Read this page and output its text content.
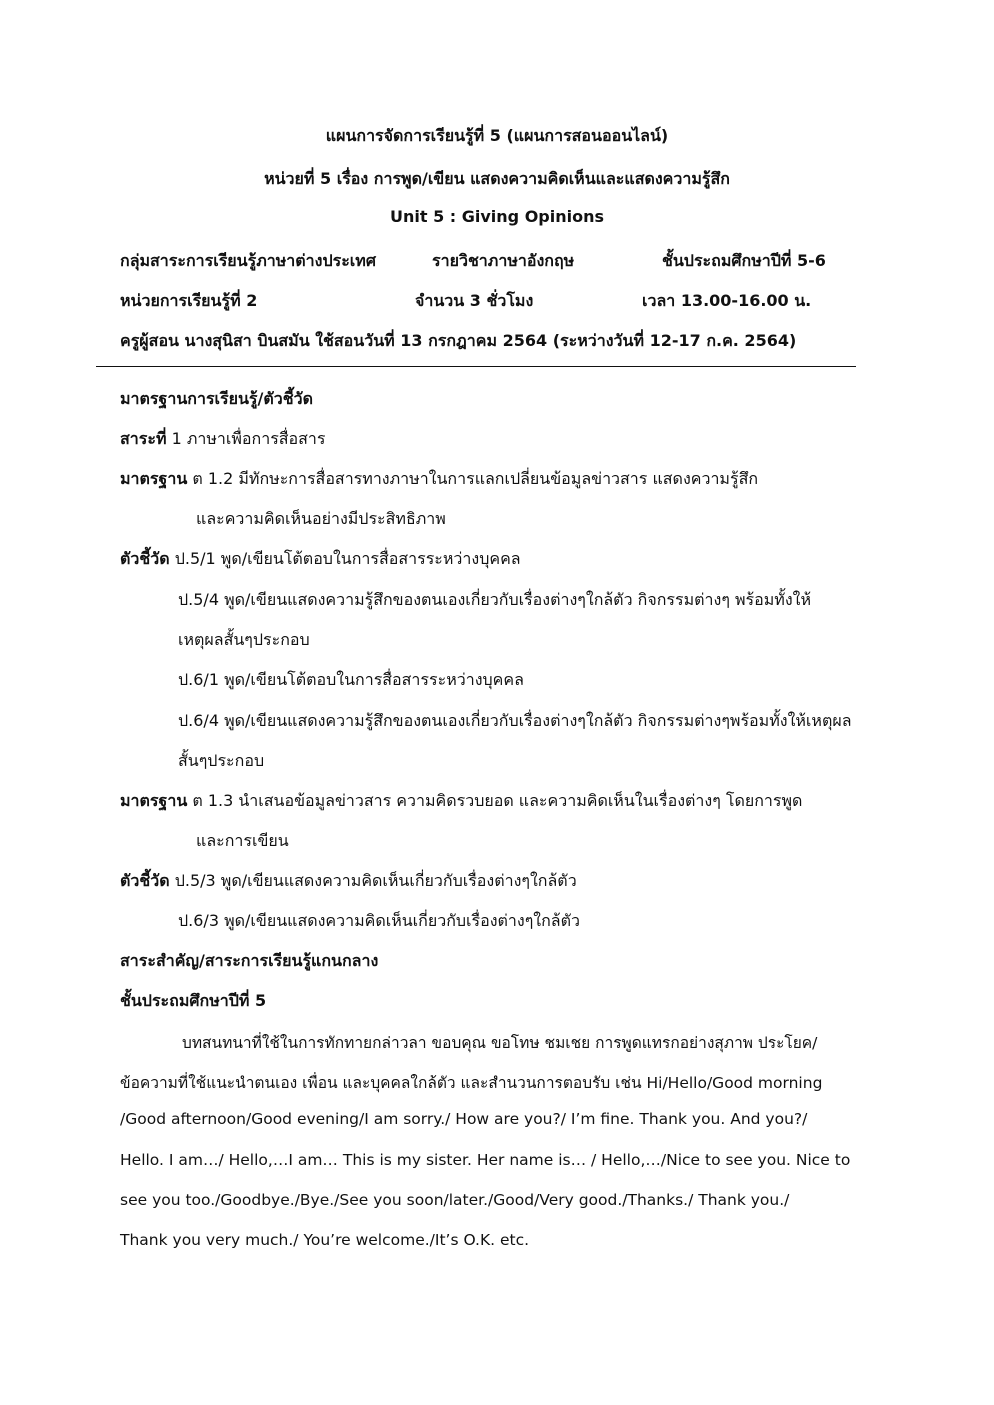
แผนการจัดการเรียนรู้ที่ 5 (แผนการสอนออนไลน์)
หน่วยที่ 5 เรื่อง การพูด/เขียน แสดงความคิดเห็นและแสดงความรู้สึก
Unit 5 : Giving Opinions
กลุ่มสาระการเรียนรู้ภาษาต่างประเทศ	รายวิชาภาษาอังกฤษ	ชั้นประถมศึกษาปีที่ 5-6
หน่วยการเรียนรู้ที่ 2	จำนวน 3 ชั่วโมง	เวลา 13.00-16.00 น.
ครูผู้สอน นางสุนิสา บินสมัน ใช้สอนวันที่ 13 กรกฎาคม 2564 (ระหว่างวันที่ 12-17 ก.ค. 2564)
มาตรฐานการเรียนรู้/ตัวชี้วัด
สาระที่ 1 ภาษาเพื่อการสื่อสาร
มาตรฐาน ต 1.2 มีทักษะการสื่อสารทางภาษาในการแลกเปลี่ยนข้อมูลข่าวสาร แสดงความรู้สึก
และความคิดเห็นอย่างมีประสิทธิภาพ
ตัวชี้วัด ป.5/1 พูด/เขียนโต้ตอบในการสื่อสารระหว่างบุคคล
ป.5/4 พูด/เขียนแสดงความรู้สึกของตนเองเกี่ยวกับเรื่องต่างๆใกล้ตัว กิจกรรมต่างๆ พร้อมทั้งให้
เหตุผลสั้นๆประกอบ
ป.6/1 พูด/เขียนโต้ตอบในการสื่อสารระหว่างบุคคล
ป.6/4 พูด/เขียนแสดงความรู้สึกของตนเองเกี่ยวกับเรื่องต่างๆใกล้ตัว กิจกรรมต่างๆพร้อมทั้งให้เหตุผล
สั้นๆประกอบ
มาตรฐาน ต 1.3 นำเสนอข้อมูลข่าวสาร ความคิดรวบยอด และความคิดเห็นในเรื่องต่างๆ โดยการพูด
และการเขียน
ตัวชี้วัด ป.5/3 พูด/เขียนแสดงความคิดเห็นเกี่ยวกับเรื่องต่างๆใกล้ตัว
ป.6/3 พูด/เขียนแสดงความคิดเห็นเกี่ยวกับเรื่องต่างๆใกล้ตัว
สาระสำคัญ/สาระการเรียนรู้แกนกลาง
ชั้นประถมศึกษาปีที่ 5
บทสนทนาที่ใช้ในการทักทายกล่าวลา ขอบคุณ ขอโทษ ชมเชย การพูดแทรกอย่างสุภาพ ประโยค/
ข้อความที่ใช้แนะนำตนเอง เพื่อน และบุคคลใกล้ตัว และสำนวนการตอบรับ เช่น Hi/Hello/Good morning
/Good afternoon/Good evening/I am sorry./ How are you?/ I’m fine. Thank you. And you?/
Hello. I am…/ Hello,…I am… This is my sister. Her name is… / Hello,…/Nice to see you. Nice to
see you too./Goodbye./Bye./See you soon/later./Good/Very good./Thanks./ Thank you./
Thank you very much./ You’re welcome./It’s O.K. etc.
